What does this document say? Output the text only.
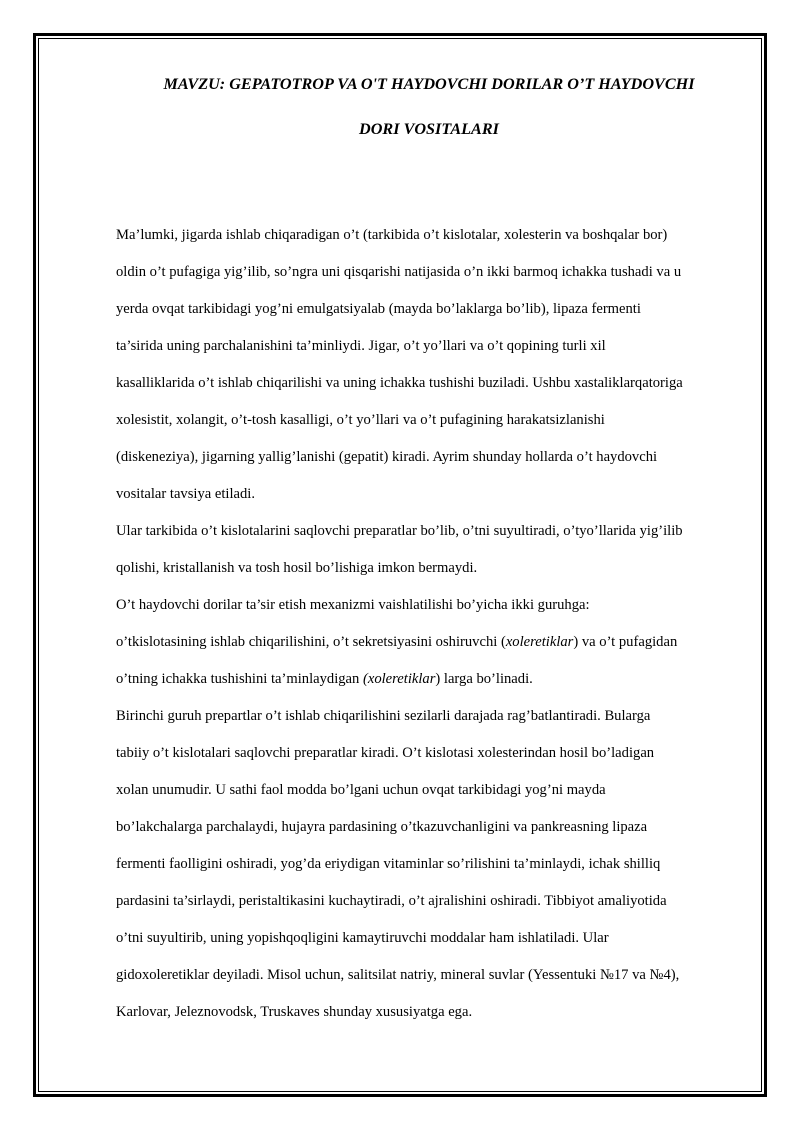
MAVZU: GEPATOTROP VA O'T HAYDOVCHI DORILAR O’T HAYDOVCHI
DORI VOSITALARI
Ma’lumki, jigarda ishlab chiqaradigan o’t (tarkibida o’t kislotalar, xolesterin va boshqalar bor)
oldin o’t pufagiga yig’ilib, so’ngra uni qisqarishi natijasida o’n ikki barmoq ichakka tushadi va u
yerda ovqat tarkibidagi yog’ni emulgatsiyalab (mayda bo’laklarga bo’lib), lipaza fermenti
ta’sirida uning parchalanishini ta’minliydi. Jigar, o’t yo’llari va o’t qopining turli xil
kasalliklarida o’t ishlab chiqarilishi va uning ichakka tushishi buziladi. Ushbu xastaliklarqatoriga
xolesistit, xolangit, o’t-tosh kasalligi, o’t yo’llari va o’t pufagining harakatsizlanishi
(diskeneziya), jigarning yallig’lanishi (gepatit) kiradi. Ayrim shunday hollarda o’t haydovchi
vositalar tavsiya etiladi.
Ular tarkibida o’t kislotalarini saqlovchi preparatlar bo’lib, o’tni suyultiradi, o’tyo’llarida yig’ilib
qolishi, kristallanish va tosh hosil bo’lishiga imkon bermaydi.
O’t haydovchi dorilar ta’sir etish mexanizmi vaishlatilishi bo’yicha ikki guruhga:
o’tkislotasining ishlab chiqarilishini, o’t sekretsiyasini oshiruvchi (xoleretiklar) va o’t pufagidan
o’tning ichakka tushishini ta’minlaydigan (xoleretiklar) larga bo’linadi.
Birinchi guruh prepartlar o’t ishlab chiqarilishini sezilarli darajada rag’batlantiradi. Bularga
tabiiy o’t kislotalari saqlovchi preparatlar kiradi. O’t kislotasi xolesterindan hosil bo’ladigan
xolan unumudir. U sathi faol modda bo’lgani uchun ovqat tarkibidagi yog’ni mayda
bo’lakchalarga parchalaydi, hujayra pardasining o’tkazuvchanligini va pankreasning lipaza
fermenti faolligini oshiradi, yog’da eriydigan vitaminlar so’rilishini ta’minlaydi, ichak shilliq
pardasini ta’sirlaydi, peristaltikasini kuchaytiradi, o’t ajralishini oshiradi. Tibbiyot amaliyotida
o’tni suyultirib, uning yopishqoqligini kamaytiruvchi moddalar ham ishlatiladi. Ular
gidoxoleretiklar deyiladi. Misol uchun, salitsilat natriy, mineral suvlar (Yessentuki №17 va №4),
Karlovar, Jeleznovodsk, Truskaves shunday xususiyatga ega.
